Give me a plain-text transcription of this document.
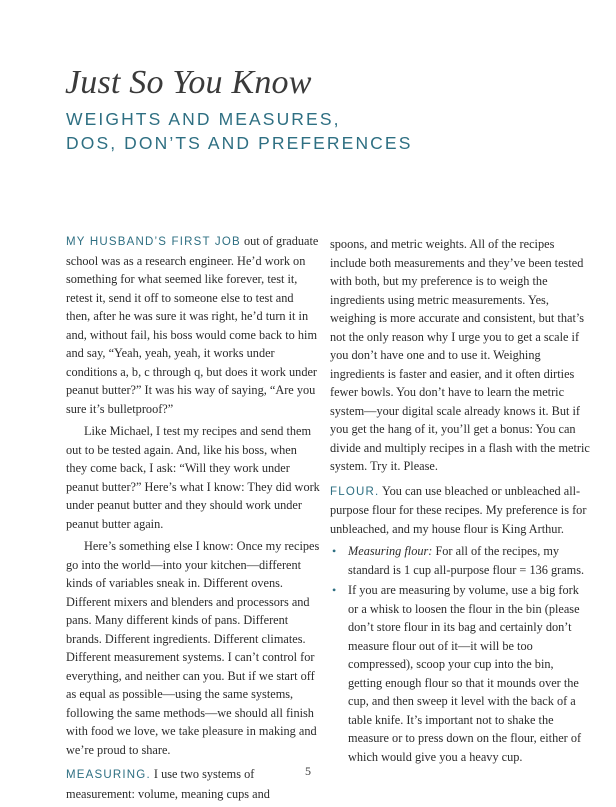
Just So You Know
WEIGHTS AND MEASURES,
DOS, DON’TS AND PREFERENCES

MY HUSBAND’S FIRST JOB out of graduate school was as a research engineer. He’d work on something for what seemed like forever, test it, retest it, send it off to someone else to test and then, after he was sure it was right, he’d turn it in and, without fail, his boss would come back to him and say, “Yeah, yeah, yeah, it works under conditions a, b, c through q, but does it work under peanut butter?” It was his way of saying, “Are you sure it’s bulletproof?”

Like Michael, I test my recipes and send them out to be tested again. And, like his boss, when they come back, I ask: “Will they work under peanut butter?” Here’s what I know: They did work under peanut butter and they should work under peanut butter again.

Here’s something else I know: Once my recipes go into the world—into your kitchen—different kinds of variables sneak in. Different ovens. Different mixers and blenders and processors and pans. Many different kinds of pans. Different brands. Different ingredients. Different climates. Different measurement systems. I can’t control for everything, and neither can you. But if we start off as equal as possible—using the same systems, following the same methods—we should all finish with food we love, we take pleasure in making and we’re proud to share.

MEASURING. I use two systems of measurement: volume, meaning cups and

spoons, and metric weights. All of the recipes include both measurements and they’ve been tested with both, but my preference is to weigh the ingredients using metric measurements. Yes, weighing is more accurate and consistent, but that’s not the only reason why I urge you to get a scale if you don’t have one and to use it. Weighing ingredients is faster and easier, and it often dirties fewer bowls. You don’t have to learn the metric system—your digital scale already knows it. But if you get the hang of it, you’ll get a bonus: You can divide and multiply recipes in a flash with the metric system. Try it. Please.

FLOUR. You can use bleached or unbleached all-purpose flour for these recipes. My preference is for unbleached, and my house flour is King Arthur.

• Measuring flour: For all of the recipes, my standard is 1 cup all-purpose flour = 136 grams.
• If you are measuring by volume, use a big fork or a whisk to loosen the flour in the bin (please don’t store flour in its bag and certainly don’t measure flour out of it—it will be too compressed), scoop your cup into the bin, getting enough flour so that it mounds over the cup, and then sweep it level with the back of a table knife. It’s important not to shake the measure or to press down on the flour, either of which would give you a heavy cup.
5
